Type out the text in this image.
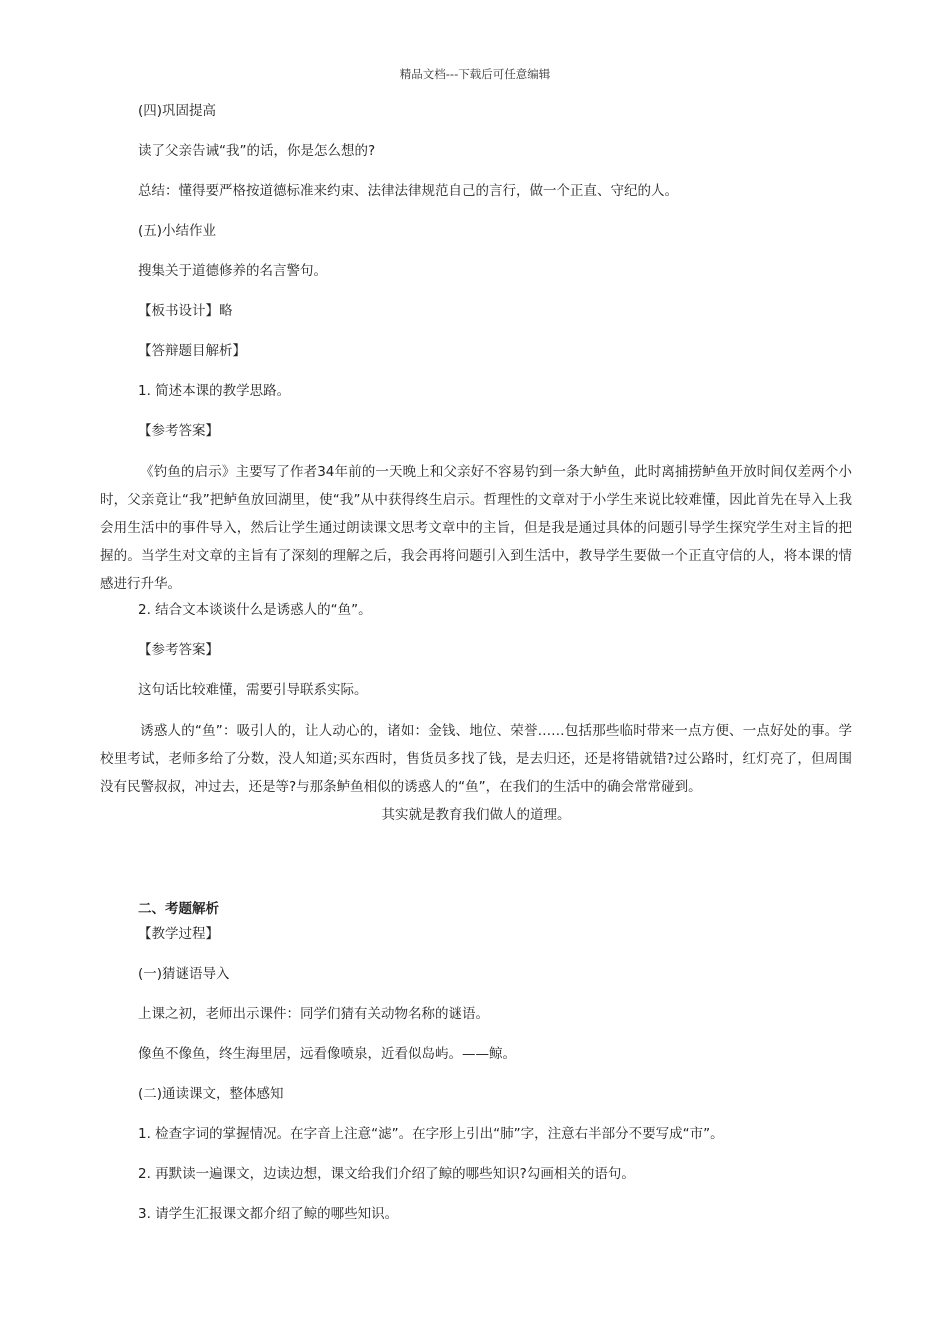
精品文档---下载后可任意编辑
(四)巩固提高
读了父亲告诫“我”的话，你是怎么想的?
总结：懂得要严格按道德标准来约束、法律法律规范自己的言行，做一个正直、守纪的人。
(五)小结作业
搜集关于道德修养的名言警句。
【板书设计】略
【答辩题目解析】
1. 简述本课的教学思路。
【参考答案】
《钓鱼的启示》主要写了作者34年前的一天晚上和父亲好不容易钓到一条大鲈鱼，此时离捕捞鲈鱼开放时间仅差两个小时，父亲竟让“我”把鲈鱼放回湖里，使“我”从中获得终生启示。哲理性的文章对于小学生来说比较难懂，因此首先在导入上我会用生活中的事件导入，然后让学生通过朗读课文思考文章中的主旨，但是我是通过具体的问题引导学生探究学生对主旨的把握的。当学生对文章的主旨有了深刻的理解之后，我会再将问题引入到生活中，教导学生要做一个正直守信的人，将本课的情感进行升华。
2. 结合文本谈谈什么是诱惑人的“鱼”。
【参考答案】
这句话比较难懂，需要引导联系实际。
诱惑人的“鱼”：吸引人的，让人动心的，诸如：金钱、地位、荣誉……包括那些临时带来一点方便、一点好处的事。学校里考试，老师多给了分数，没人知道;买东西时，售货员多找了钱，是去归还，还是将错就错?过公路时，红灯亮了，但周围没有民警叔叔，冲过去，还是等?与那条鲈鱼相似的诱惑人的“鱼”，在我们的生活中的确会常常碰到。
其实就是教育我们做人的道理。
二、考题解析
【教学过程】
(一)猜谜语导入
上课之初，老师出示课件：同学们猜有关动物名称的谜语。
像鱼不像鱼，终生海里居，远看像喷泉，近看似岛屿。——鲸。
(二)通读课文，整体感知
1. 检查字词的掌握情况。在字音上注意“滤”。在字形上引出“肺”字，注意右半部分不要写成“市”。
2. 再默读一遍课文，边读边想，课文给我们介绍了鲸的哪些知识?勾画相关的语句。
3. 请学生汇报课文都介绍了鲸的哪些知识。
